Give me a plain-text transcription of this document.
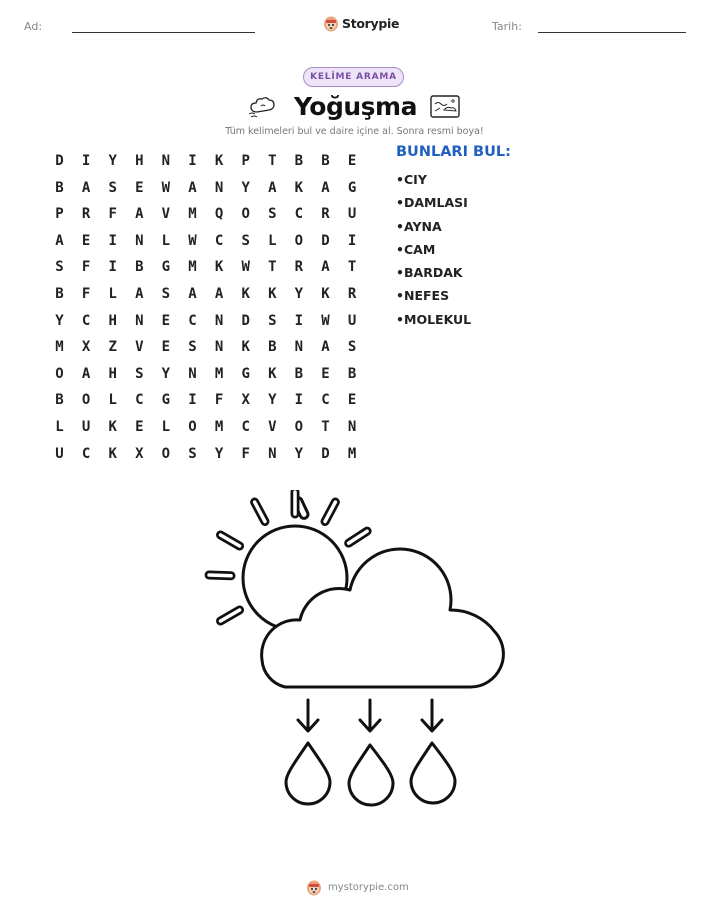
Ad:	Storypie	Tarih:
KELİME ARAMA
Yoğuşma
Tüm kelimeleri bul ve daire içine al. Sonra resmi boya!
D	I	Y	H	N	I	K	P	T	B	B	E
B	A	S	E	W	A	N	Y	A	K	A	G
P	R	F	A	V	M	Q	O	S	C	R	U
A	E	I	N	L	W	C	S	L	O	D	I
S	F	I	B	G	M	K	W	T	R	A	T
B	F	L	A	S	A	A	K	K	Y	K	R
Y	C	H	N	E	C	N	D	S	I	W	U
M	X	Z	V	E	S	N	K	B	N	A	S
O	A	H	S	Y	N	M	G	K	B	E	B
B	O	L	C	G	I	F	X	Y	I	C	E
L	U	K	E	L	O	M	C	V	O	T	N
U	C	K	X	O	S	Y	F	N	Y	D	M
BUNLARI BUL:
• CIY
• DAMLASI
• AYNA
• CAM
• BARDAK
• NEFES
• MOLEKUL
mystorypie.com
